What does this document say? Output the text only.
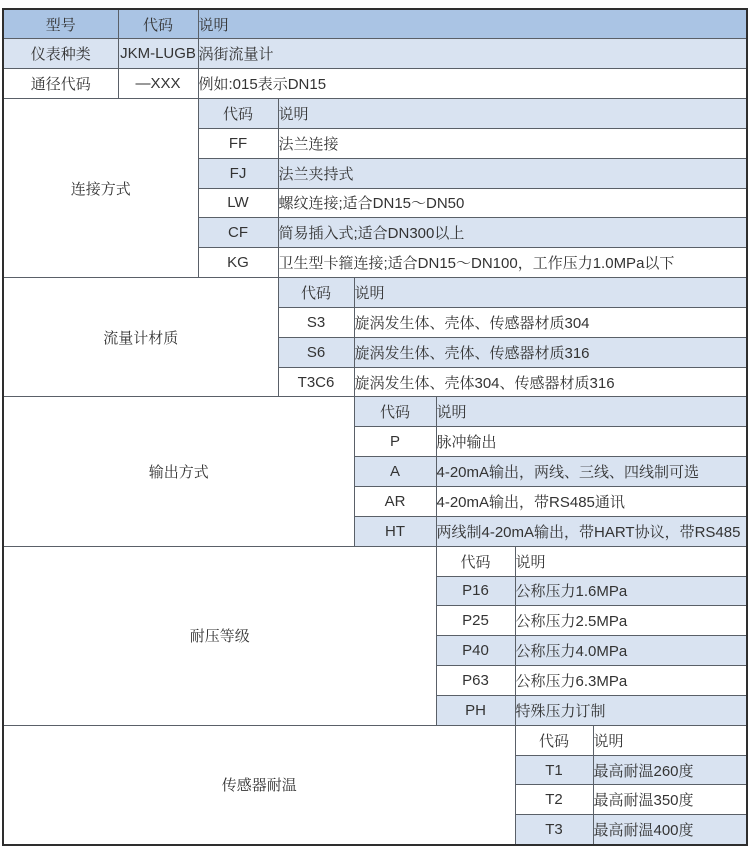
型号	代码	说明					
仪表种类	JKM-LUGB	涡街流量计					
通径代码	—XXX	例如:015表示DN15					
连接方式		代码	说明				
		FF	法兰连接				
		FJ	法兰夹持式				
		LW	螺纹连接;适合DN15～DN50				
		CF	简易插入式;适合DN300以上				
		KG	卫生型卡箍连接;适合DN15～DN100，工作压力1.0MPa以下				
流量计材质			代码	说明			
			S3	旋涡发生体、壳体、传感器材质304			
			S6	旋涡发生体、壳体、传感器材质316			
			T3C6	旋涡发生体、壳体304、传感器材质316			
输出方式				代码	说明		
				P	脉冲输出		
				A	4-20mA输出，两线、三线、四线制可选		
				AR	4-20mA输出，带RS485通讯		
				HT	两线制4-20mA输出，带HART协议，带RS485		
耐压等级					代码	说明	
					P16	公称压力1.6MPa	
					P25	公称压力2.5MPa	
					P40	公称压力4.0MPa	
					P63	公称压力6.3MPa	
					PH	特殊压力订制	
传感器耐温						代码	说明
						T1	最高耐温260度
						T2	最高耐温350度
						T3	最高耐温400度
